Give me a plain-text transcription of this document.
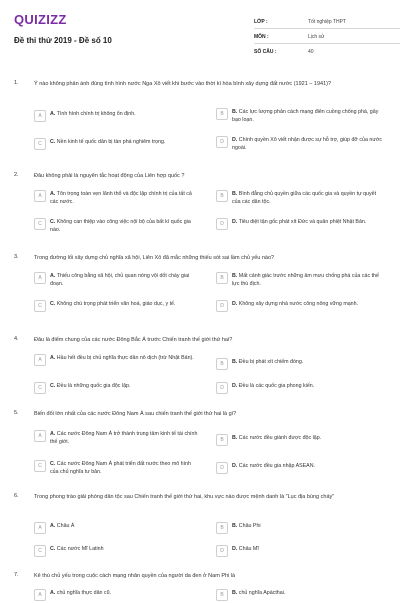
QUIZIZZ
Đề thi thử 2019 - Đề số 10
LỚP :	Tốt nghiệp THPT
MÔN :	Lịch sử
SỐ CÂU :	40
1.	Ý nào không phản ánh đúng tình hình nước Nga Xô viết khi bước vào thời kì hòa bình xây dựng đất nước (1921 – 1941)?
A	A. Tình hình chính trị không ổn định.	B	B. Các lực lượng phản cách mạng điên cuồng chống phá, gây bạo loạn.
C	C. Nền kinh tế quốc dân bị tàn phá nghiêm trọng.	D	D. Chính quyền Xô viết nhận được sự hỗ trợ, giúp đỡ của nước ngoài.
2.	Đâu không phải là nguyên tắc hoạt động của Liên hợp quốc ?
A	A. Tôn trọng toàn vẹn lãnh thổ và độc lập chính trị của tất cả các nước.
B	B. Bình đẳng chủ quyền giữa các quốc gia và quyền tự quyết của các dân tộc.
C	C. Không can thiệp vào công việc nội bộ của bất kì quốc gia nào.
D	D. Tiêu diệt tận gốc phát xít Đức và quân phiệt Nhật Bản.
3.	Trong đường lối xây dựng chủ nghĩa xã hội, Liên Xô đã mắc những thiếu sót sai lầm chủ yếu nào?
A	A. Thiếu công bằng xã hội, chủ quan nóng vội dốt cháy giai đoạn.
B	B. Mất cảnh giác trước những âm mưu chống phá của các thế lực thù địch.
C	C. Không chú trọng phát triển văn hoá, giáo dục, y tế.	D	D. Không xây dựng nhà nước công nông vững mạnh.
4.	Đâu là điểm chung của các nước Đông Bắc Á trước Chiến tranh thế giới thứ hai?
A	A. Hầu hết đều bị chủ nghĩa thực dân nô dịch (trừ Nhật Bản).
B	B. Đều bị phát xít chiếm đóng.
C	C. Đều là những quốc gia độc lập.	D	D. Đều là các quốc gia phong kiến.
5.	Biến đổi lớn nhất của các nước Đông Nam Á sau chiến tranh thế giới thứ hai là gì?
A	A. Các nước Đông Nam Á trở thành trung tâm kinh tế tài chính thế giới.	B	B. Các nước đều giành được độc lập.
C	C. Các nước Đông Nam Á phát triển đất nước theo mô hình của chủ nghĩa tư bản.
D	D. Các nước đều gia nhập ASEAN.
6.	Trong phong trào giải phóng dân tộc sau Chiến tranh thế giới thứ hai, khu vực nào được mệnh danh là "Lục địa bùng cháy"
A	A. Châu Á	B	B. Châu Phi
C	C. Các nước Mĩ Latinh	D	D. Châu Mĩ
7.	Kẻ thù chủ yếu trong cuộc cách mạng nhân quyền của người da đen ở Nam Phi là
A	A. chủ nghĩa thực dân cũ.	B	B. chủ nghĩa Apácthai.
